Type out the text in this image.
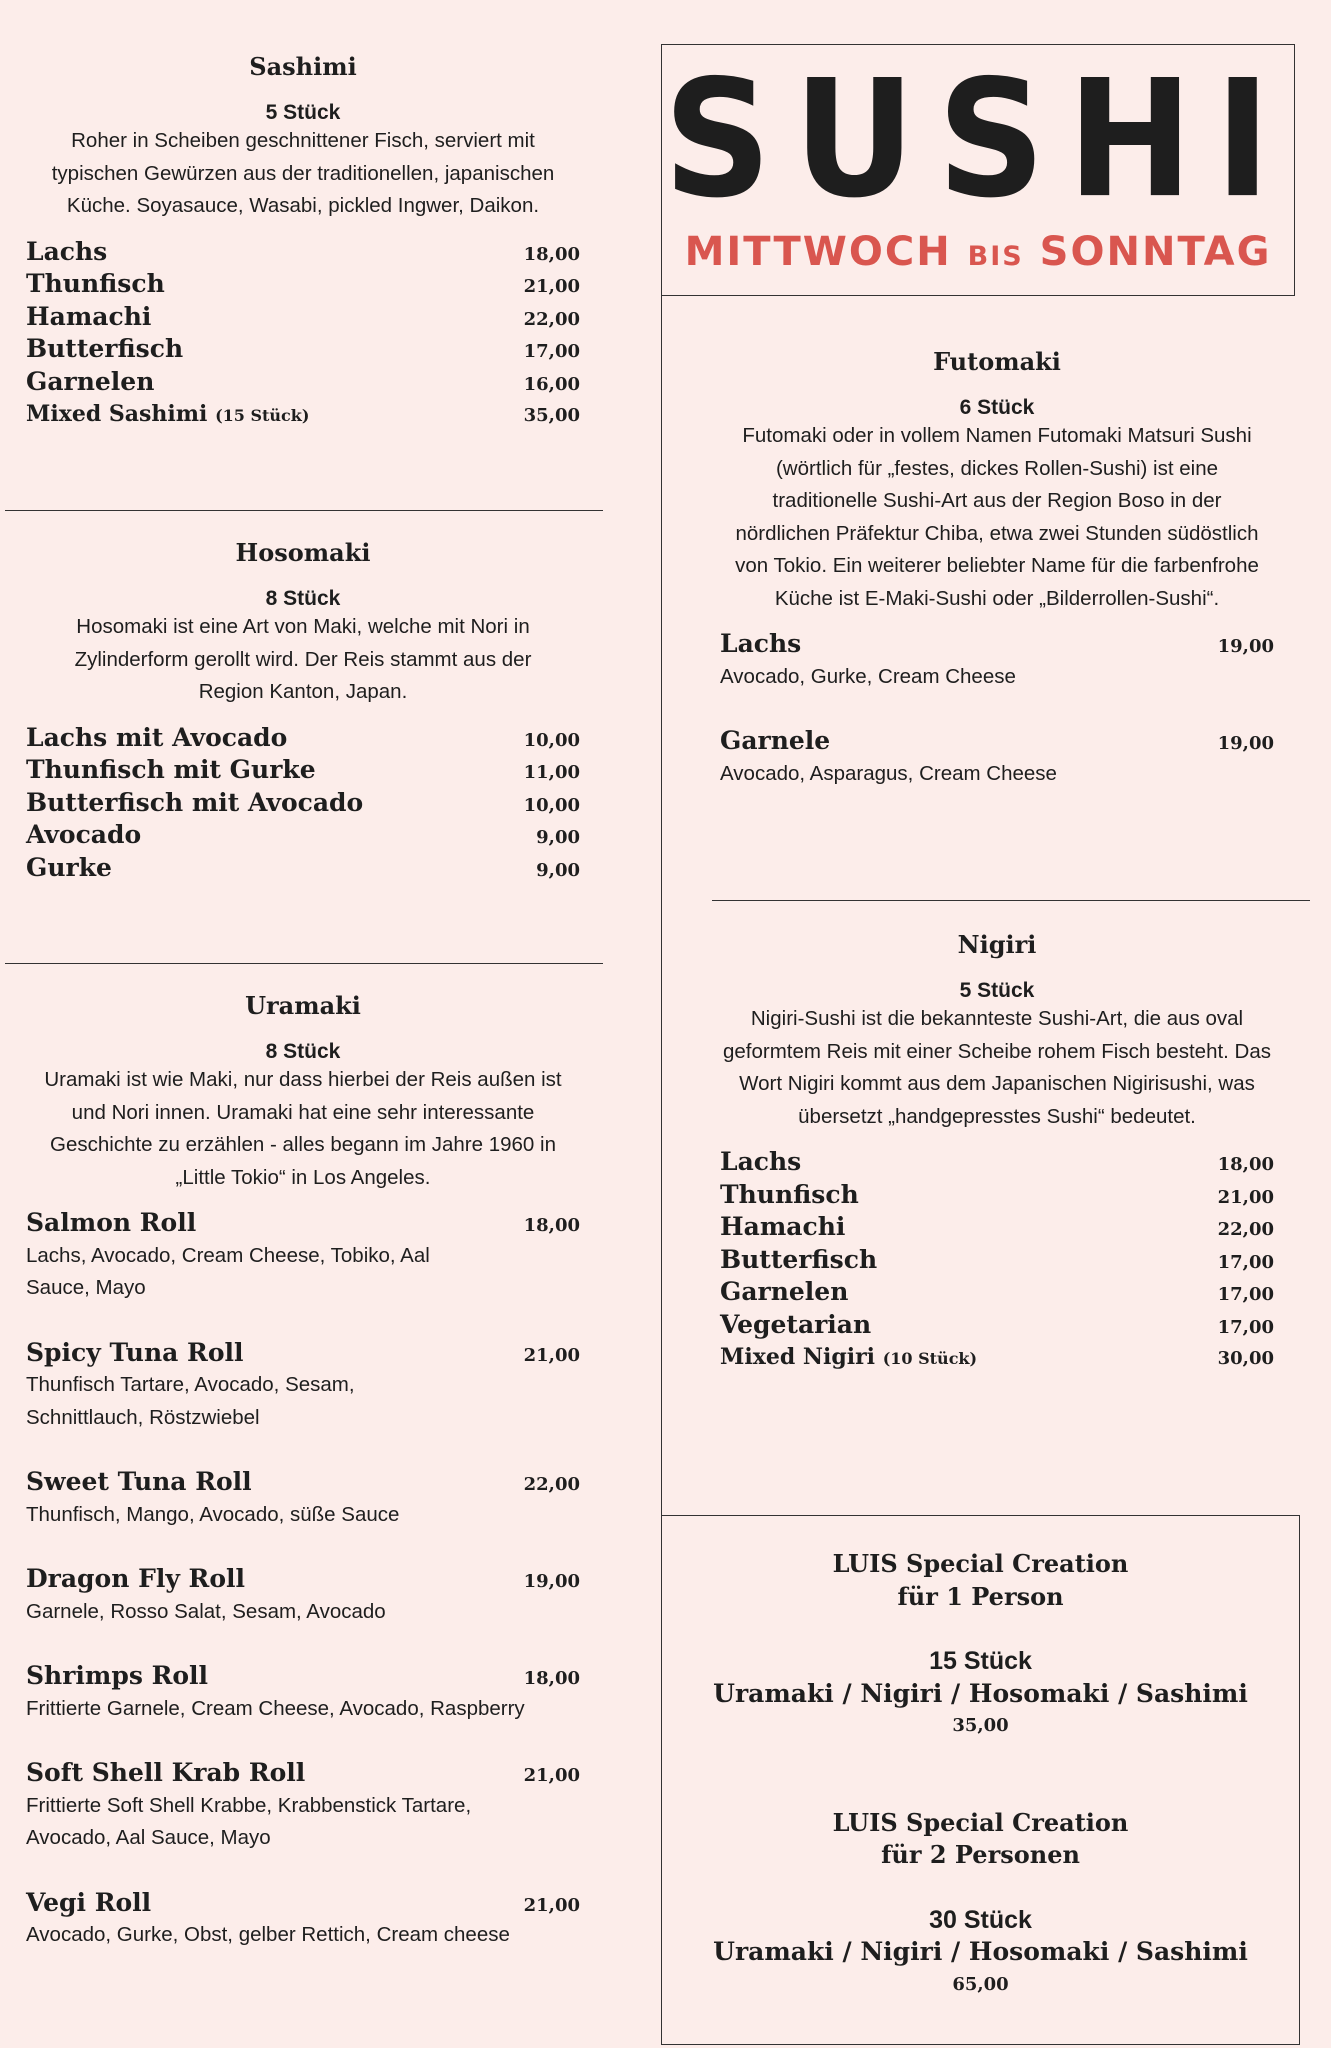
Sashimi

5 Stück

Roher in Scheiben geschnittener Fisch, serviert mit typischen Gewürzen aus der traditionellen, japanischen Küche. Soyasauce, Wasabi, pickled Ingwer, Daikon.

Lachs	18,00
Thunfisch	21,00
Hamachi	22,00
Butterfisch	17,00
Garnelen	16,00
Mixed Sashimi (15 Stück)	35,00

Hosomaki

8 Stück

Hosomaki ist eine Art von Maki, welche mit Nori in Zylinderform gerollt wird. Der Reis stammt aus der Region Kanton, Japan.

Lachs mit Avocado	10,00
Thunfisch mit Gurke	11,00
Butterfisch mit Avocado	10,00
Avocado	9,00
Gurke	9,00

Uramaki

8 Stück

Uramaki ist wie Maki, nur dass hierbei der Reis außen ist und Nori innen. Uramaki hat eine sehr interessante Geschichte zu erzählen - alles begann im Jahre 1960 in „Little Tokio“ in Los Angeles.

Salmon Roll	18,00
Lachs, Avocado, Cream Cheese, Tobiko, Aal Sauce, Mayo
Spicy Tuna Roll	21,00
Thunfisch Tartare, Avocado, Sesam, Schnittlauch, Röstzwiebel
Sweet Tuna Roll	22,00
Thunfisch, Mango, Avocado, süße Sauce
Dragon Fly Roll	19,00
Garnele, Rosso Salat, Sesam, Avocado
Shrimps Roll	18,00
Frittierte Garnele, Cream Cheese, Avocado, Raspberry
Soft Shell Krab Roll	21,00
Frittierte Soft Shell Krabbe, Krabbenstick Tartare, Avocado, Aal Sauce, Mayo
Vegi Roll	21,00
Avocado, Gurke, Obst, gelber Rettich, Cream cheese

SUSHI

MITTWOCH BIS SONNTAG

Futomaki

6 Stück

Futomaki oder in vollem Namen Futomaki Matsuri Sushi (wörtlich für „festes, dickes Rollen-Sushi) ist eine traditionelle Sushi-Art aus der Region Boso in der nördlichen Präfektur Chiba, etwa zwei Stunden südöstlich von Tokio. Ein weiterer beliebter Name für die farbenfrohe Küche ist E-Maki-Sushi oder „Bilderrollen-Sushi“.

Lachs	19,00
Avocado, Gurke, Cream Cheese
Garnele	19,00
Avocado, Asparagus, Cream Cheese

Nigiri

5 Stück

Nigiri-Sushi ist die bekannteste Sushi-Art, die aus oval geformtem Reis mit einer Scheibe rohem Fisch besteht. Das Wort Nigiri kommt aus dem Japanischen Nigirisushi, was übersetzt „handgepresstes Sushi“ bedeutet.

Lachs	18,00
Thunfisch	21,00
Hamachi	22,00
Butterfisch	17,00
Garnelen	17,00
Vegetarian	17,00
Mixed Nigiri (10 Stück)	30,00
LUIS Special Creation
für 1 Person
15 Stück
Uramaki / Nigiri / Hosomaki / Sashimi
35,00
LUIS Special Creation
für 2 Personen
30 Stück
Uramaki / Nigiri / Hosomaki / Sashimi
65,00
